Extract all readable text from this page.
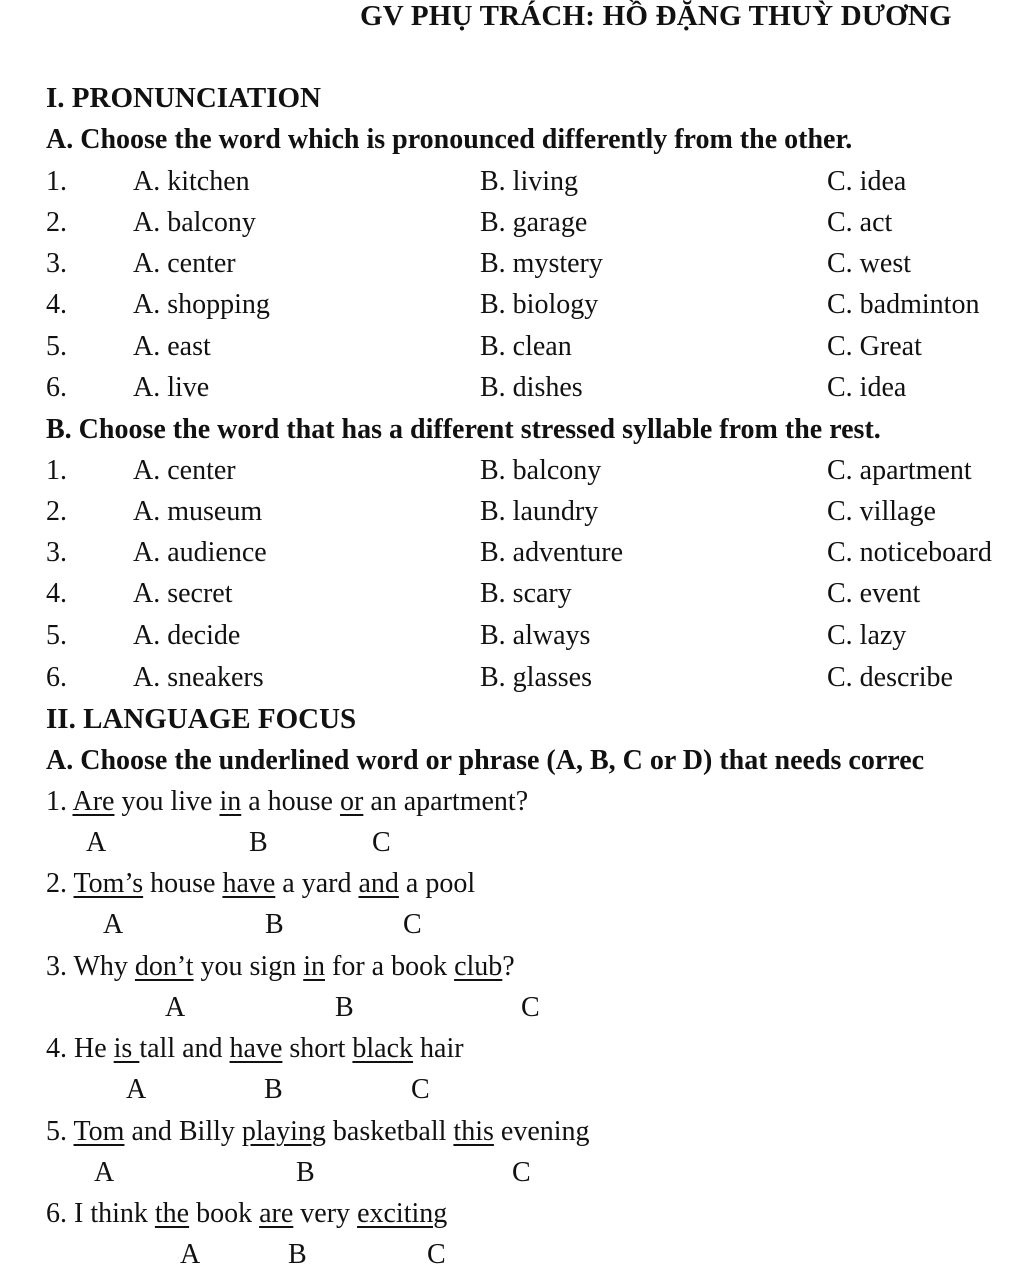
GV PHỤ TRÁCH: HỒ ĐẶNG THUỲ DƯƠNG
I. PRONUNCIATION
A. Choose the word which is pronounced differently from the other.
1. A. kitchen	B. living	C. idea
2. A. balcony	B. garage	C. act
3. A. center	B. mystery	C. west
4. A. shopping	B. biology	C. badminton
5. A. east	B. clean	C. Great
6. A. live	B. dishes	C. idea
B. Choose the word that has a different stressed syllable from the rest.
1. A. center	B. balcony	C. apartment
2. A. museum	B. laundry	C. village
3. A. audience	B. adventure	C. noticeboard
4. A. secret	B. scary	C. event
5. A. decide	B. always	C. lazy
6. A. sneakers	B. glasses	C. describe
II. LANGUAGE FOCUS
A. Choose the underlined word or phrase (A, B, C or D) that needs correc
1. Are you live in a house or an apartment?
A	B	C
2. Tom’s house have a yard and a pool
A	B	C
3. Why don’t you sign in for a book club?
A	B	C
4. He is tall and have short black hair
A	B	C
5. Tom and Billy playing basketball this evening
A	B	C
6. I think the book are very exciting
A	B	C
